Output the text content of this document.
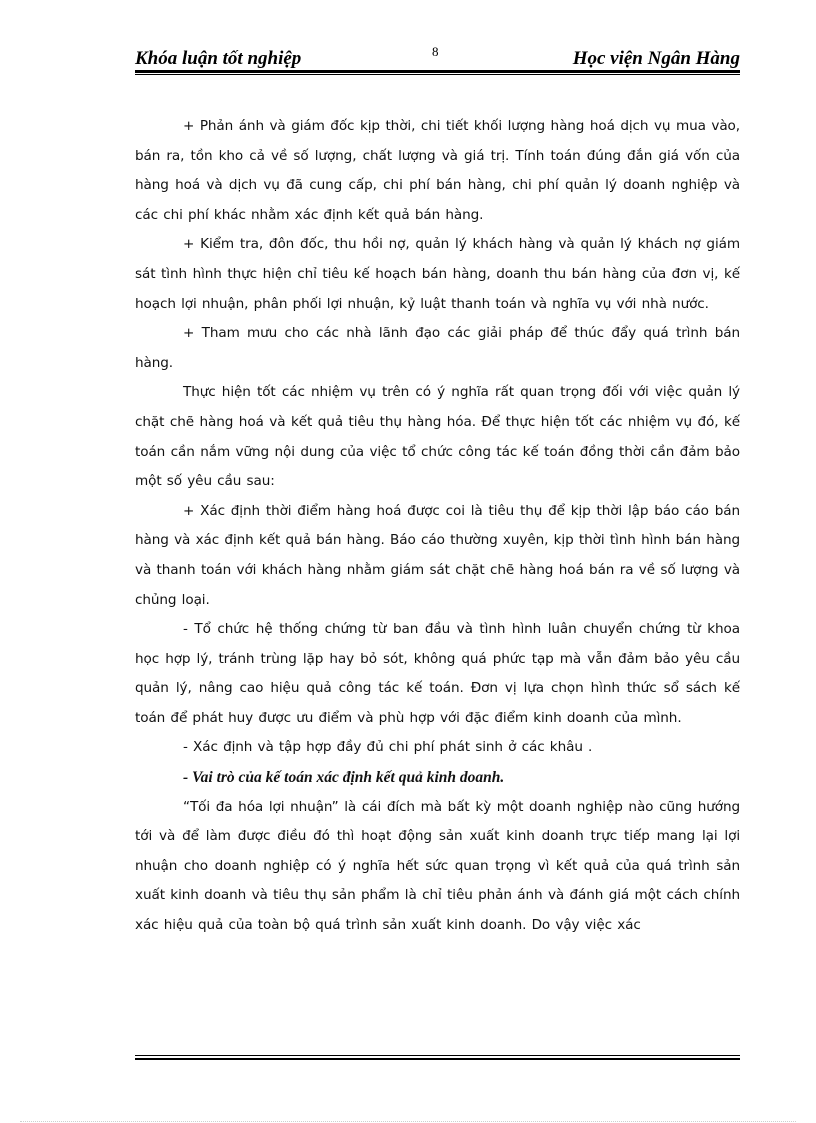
Khóa luận tốt nghiệp	8	Học viện Ngân Hàng

+ Phản ánh và giám đốc kịp thời, chi tiết khối lượng hàng hoá dịch vụ mua vào, bán ra, tồn kho cả về số lượng, chất lượng và giá trị. Tính toán đúng đắn giá vốn của hàng hoá và dịch vụ đã cung cấp, chi phí bán hàng, chi phí quản lý doanh nghiệp và các chi phí khác nhằm xác định kết quả bán hàng.

+ Kiểm tra, đôn đốc, thu hồi nợ, quản lý khách hàng và quản lý khách nợ giám sát tình hình thực hiện chỉ tiêu kế hoạch bán hàng, doanh thu bán hàng của đơn vị, kế hoạch lợi nhuận, phân phối lợi nhuận, kỷ luật thanh toán và nghĩa vụ với nhà nước.

+ Tham mưu cho các nhà lãnh đạo các giải pháp để thúc đẩy quá trình bán hàng.

Thực hiện tốt các nhiệm vụ trên có ý nghĩa rất quan trọng đối với việc quản lý chặt chẽ hàng hoá và kết quả tiêu thụ hàng hóa. Để thực hiện tốt các nhiệm vụ đó, kế toán cần nắm vững nội dung của việc tổ chức công tác kế toán đồng thời cần đảm bảo một số yêu cầu sau:

+ Xác định thời điểm hàng hoá được coi là tiêu thụ để kịp thời lập báo cáo bán hàng và xác định kết quả bán hàng. Báo cáo thường xuyên, kịp thời tình hình bán hàng và thanh toán với khách hàng nhằm giám sát chặt chẽ hàng hoá bán ra về số lượng và chủng loại.

- Tổ chức hệ thống chứng từ ban đầu và tình hình luân chuyển chứng từ khoa học hợp lý, tránh trùng lặp hay bỏ sót, không quá phức tạp mà vẫn đảm bảo yêu cầu quản lý, nâng cao hiệu quả công tác kế toán. Đơn vị lựa chọn hình thức sổ sách kế toán để phát huy được ưu điểm và phù hợp với đặc điểm kinh doanh của mình.

- Xác định và tập hợp đầy đủ chi phí phát sinh ở các khâu .

- Vai trò của kế toán xác định kết quả kinh doanh.

“Tối đa hóa lợi nhuận” là cái đích mà bất kỳ một doanh nghiệp nào cũng hướng tới và để làm được điều đó thì hoạt động sản xuất kinh doanh trực tiếp mang lại lợi nhuận cho doanh nghiệp có ý nghĩa hết sức quan trọng vì kết quả của quá trình sản xuất kinh doanh và tiêu thụ sản phẩm là chỉ tiêu phản ánh và đánh giá một cách chính xác hiệu quả của toàn bộ quá trình sản xuất kinh doanh. Do vậy việc xác
